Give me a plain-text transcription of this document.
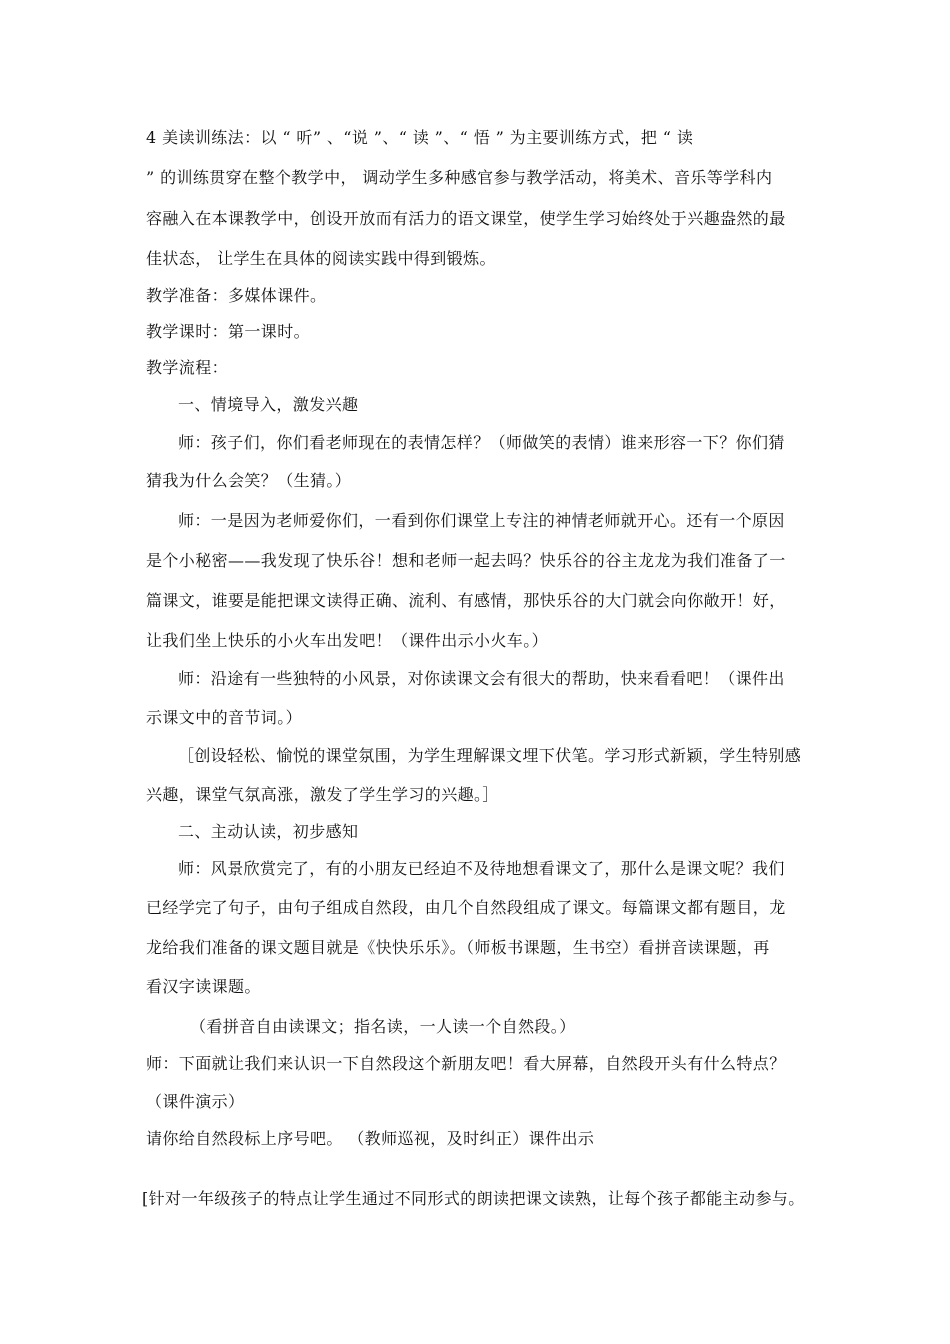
4 美读训练法：以 “ 听” 、“说 ”、“ 读 ”、“ 悟 ” 为主要训练方式，把 “ 读
” 的训练贯穿在整个教学中， 调动学生多种感官参与教学活动，将美术、音乐等学科内
容融入在本课教学中，创设开放而有活力的语文课堂，使学生学习始终处于兴趣盎然的最
佳状态， 让学生在具体的阅读实践中得到锻炼。
教学准备：多媒体课件。
教学课时：第一课时。
教学流程：
一、情境导入，激发兴趣
师：孩子们，你们看老师现在的表情怎样？（师做笑的表情）谁来形容一下？你们猜
猜我为什么会笑？（生猜。）
师：一是因为老师爱你们，一看到你们课堂上专注的神情老师就开心。还有一个原因
是个小秘密——我发现了快乐谷！想和老师一起去吗？快乐谷的谷主龙龙为我们准备了一
篇课文，谁要是能把课文读得正确、流利、有感情，那快乐谷的大门就会向你敞开！好，
让我们坐上快乐的小火车出发吧！（课件出示小火车。）
师：沿途有一些独特的小风景，对你读课文会有很大的帮助，快来看看吧！（课件出
示课文中的音节词。）
［创设轻松、愉悦的课堂氛围，为学生理解课文埋下伏笔。学习形式新颖，学生特别感
兴趣，课堂气氛高涨，激发了学生学习的兴趣。］
二、主动认读，初步感知
师：风景欣赏完了，有的小朋友已经迫不及待地想看课文了，那什么是课文呢？我们
已经学完了句子，由句子组成自然段，由几个自然段组成了课文。每篇课文都有题目，龙
龙给我们准备的课文题目就是《快快乐乐》。（师板书课题，生书空）看拼音读课题，再
看汉字读课题。
（看拼音自由读课文；指名读，一人读一个自然段。）
师：下面就让我们来认识一下自然段这个新朋友吧！看大屏幕，自然段开头有什么特点？
（课件演示）
请你给自然段标上序号吧。 （教师巡视，及时纠正）课件出示
[针对一年级孩子的特点让学生通过不同形式的朗读把课文读熟，让每个孩子都能主动参与。
